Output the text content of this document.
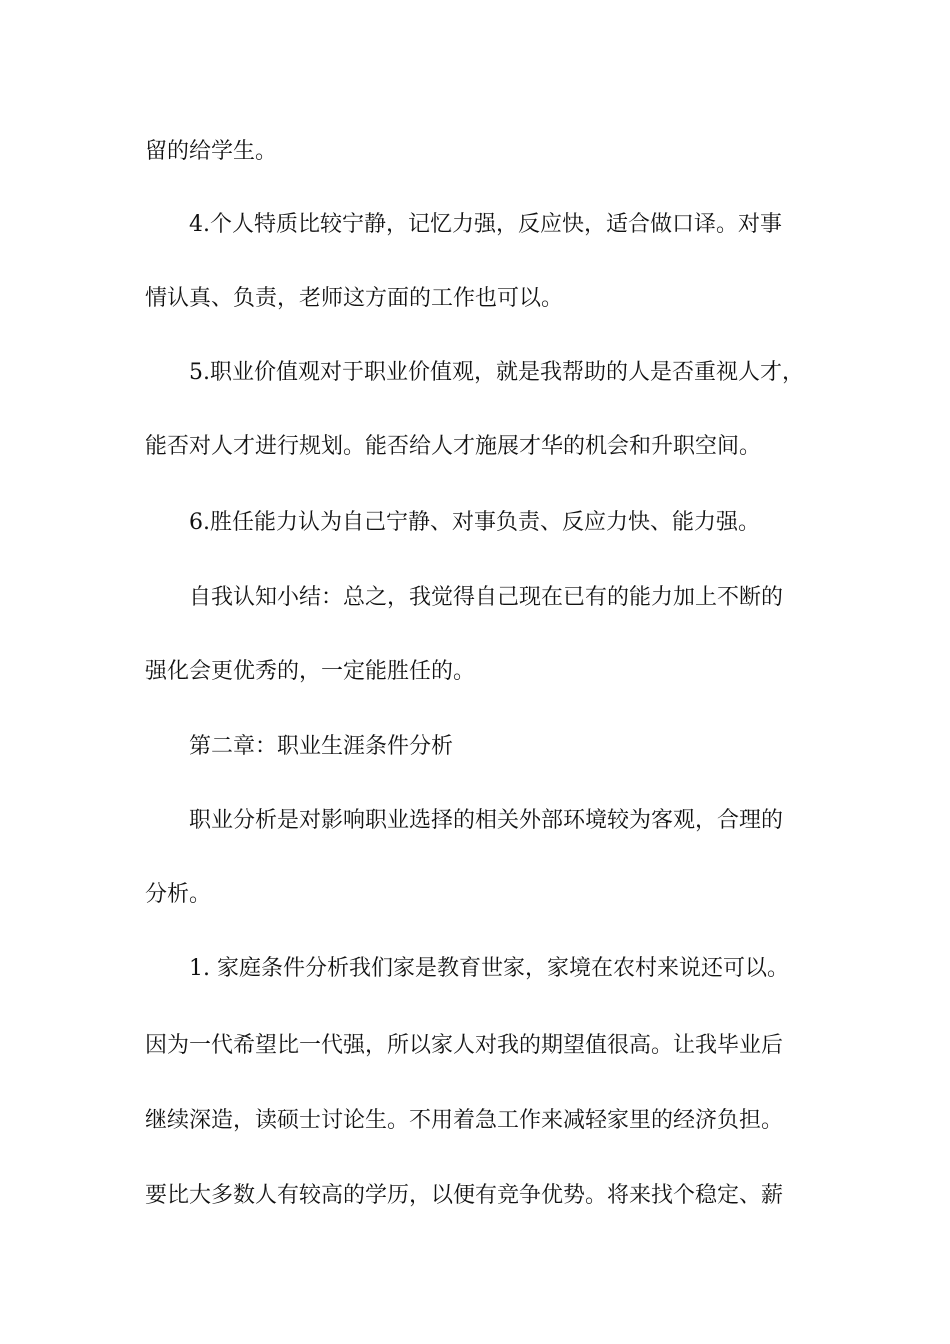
留的给学生。
4.个人特质比较宁静，记忆力强，反应快，适合做口译。对事
情认真、负责，老师这方面的工作也可以。
5.职业价值观对于职业价值观，就是我帮助的人是否重视人才，
能否对人才进行规划。能否给人才施展才华的机会和升职空间。
6.胜任能力认为自己宁静、对事负责、反应力快、能力强。
自我认知小结：总之，我觉得自己现在已有的能力加上不断的
强化会更优秀的，一定能胜任的。
第二章：职业生涯条件分析
职业分析是对影响职业选择的相关外部环境较为客观，合理的
分析。
1. 家庭条件分析我们家是教育世家，家境在农村来说还可以。
因为一代希望比一代强，所以家人对我的期望值很高。让我毕业后
继续深造，读硕士讨论生。不用着急工作来减轻家里的经济负担。
要比大多数人有较高的学历，以便有竞争优势。将来找个稳定、薪
